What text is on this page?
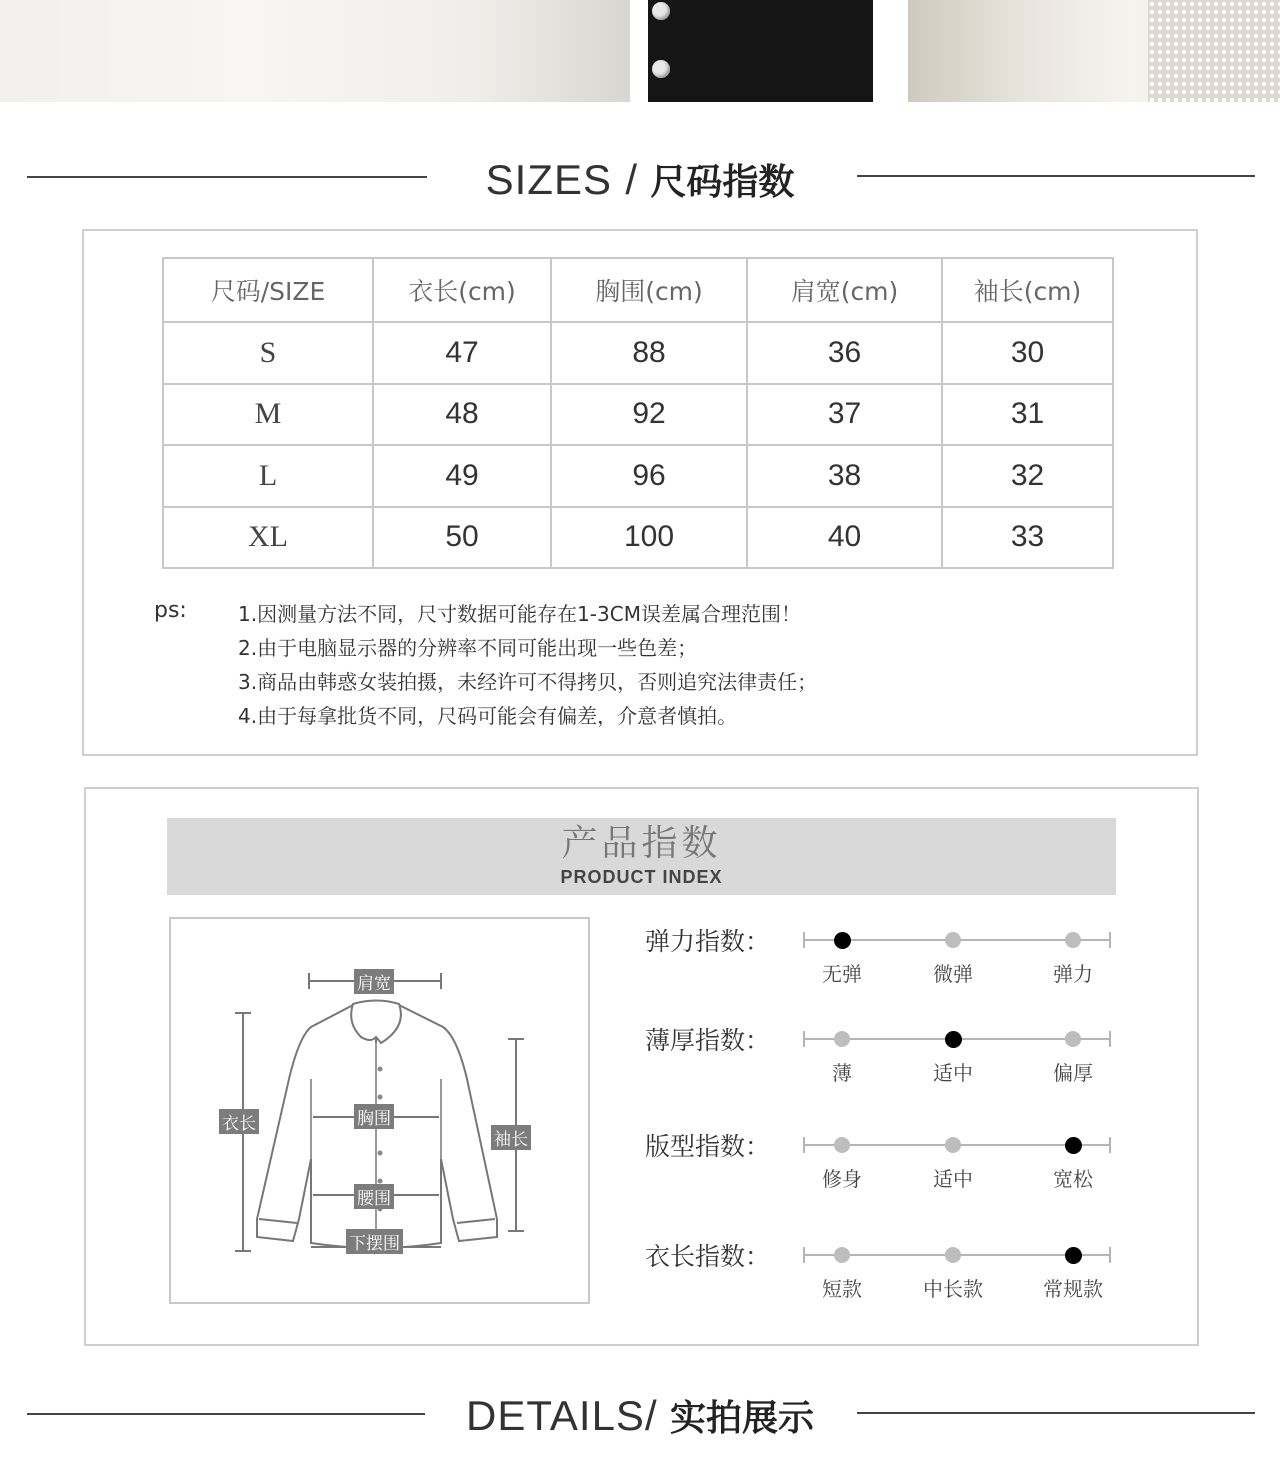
SIZES / 尺码指数
尺码/SIZE	衣长(cm)	胸围(cm)	肩宽(cm)	袖长(cm)
S	47	88	36	30
M	48	92	37	31
L	49	96	38	32
XL	50	100	40	33
ps:	1.因测量方法不同，尺寸数据可能存在1-3CM误差属合理范围！
2.由于电脑显示器的分辨率不同可能出现一些色差；
3.商品由韩惑女装拍摄，未经许可不得拷贝，否则追究法律责任；
4.由于每拿批货不同，尺码可能会有偏差，介意者慎拍。
产品指数
PRODUCT INDEX
肩宽
衣长	胸围
袖长
腰围
下摆围
弹力指数：
无弹	微弹	弹力
薄厚指数：
薄	适中	偏厚
版型指数：
修身	适中	宽松
衣长指数：
短款	中长款	常规款
DETAILS/ 实拍展示
